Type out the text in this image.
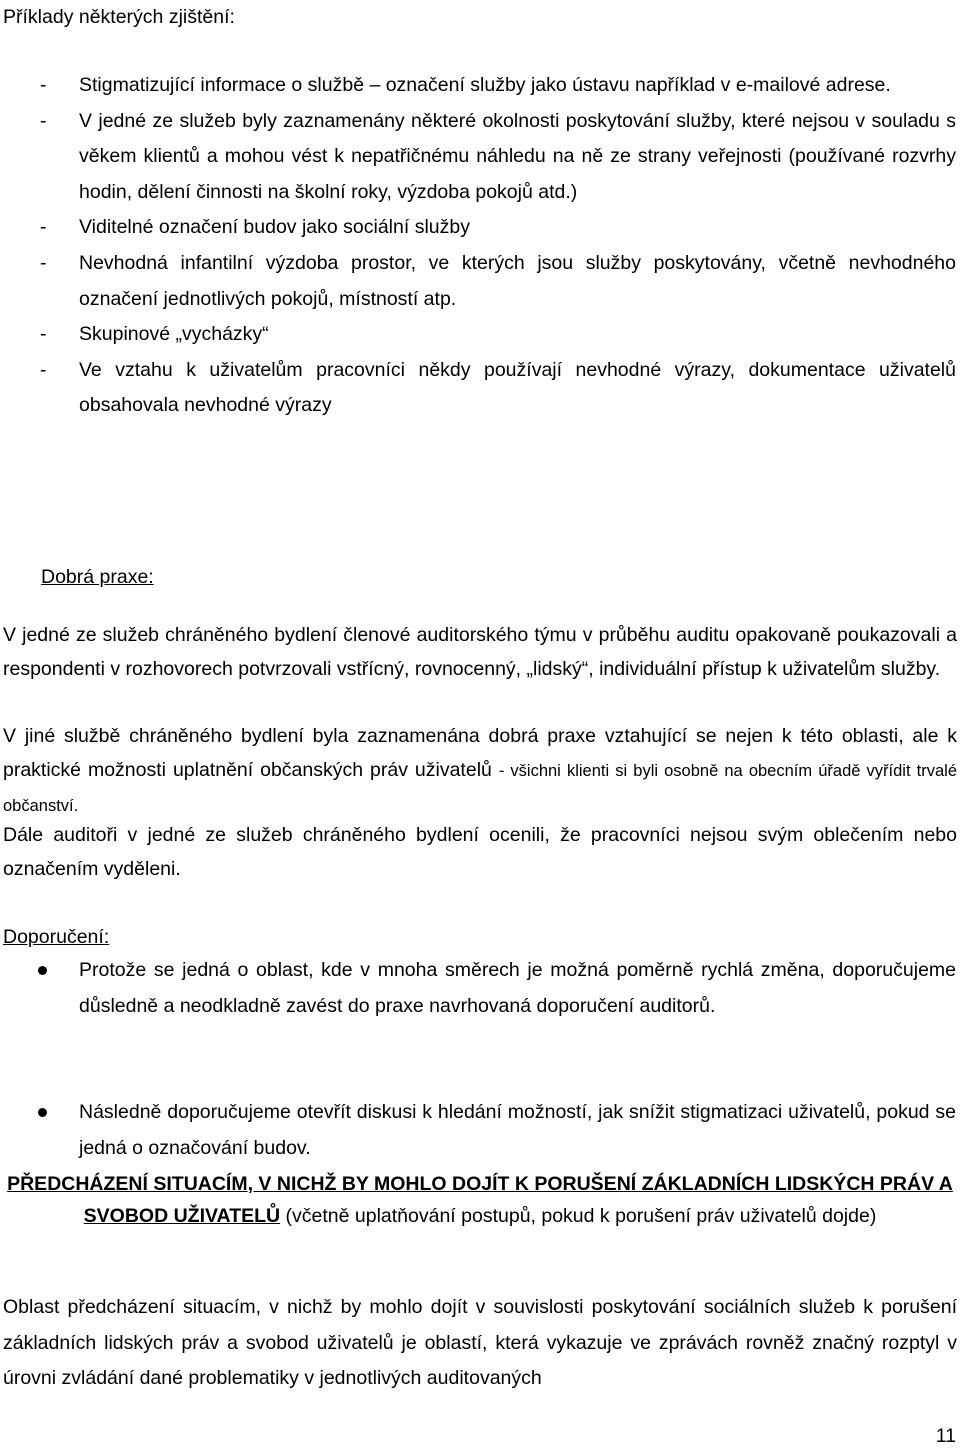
Příklady některých zjištění:

- Stigmatizující informace o službě – označení služby jako ústavu například v e-mailové adrese.
- V jedné ze služeb byly zaznamenány některé okolnosti poskytování služby, které nejsou v souladu s věkem klientů a mohou vést k nepatřičnému náhledu na ně ze strany veřejnosti (používané rozvrhy hodin, dělení činnosti na školní roky, výzdoba pokojů atd.)
- Viditelné označení budov jako sociální služby
- Nevhodná infantilní výzdoba prostor, ve kterých jsou služby poskytovány, včetně nevhodného označení jednotlivých pokojů, místností atp.
- Skupinové „vycházky“
- Ve vztahu k uživatelům pracovníci někdy používají nevhodné výrazy, dokumentace uživatelů obsahovala nevhodné výrazy

Dobrá praxe:

V jedné ze služeb chráněného bydlení členové auditorského týmu v průběhu auditu opakovaně poukazovali a respondenti v rozhovorech potvrzovali vstřícný, rovnocenný, „lidský“, individuální přístup k uživatelům služby.

V jiné službě chráněného bydlení byla zaznamenána dobrá praxe vztahující se nejen k této oblasti, ale k praktické možnosti uplatnění občanských práv uživatelů - všichni klienti si byli osobně na obecním úřadě vyřídit trvalé občanství.

Dále auditoři v jedné ze služeb chráněného bydlení ocenili, že pracovníci nejsou svým oblečením nebo označením vyděleni.

Doporučení:

Protože se jedná o oblast, kde v mnoha směrech je možná poměrně rychlá změna, doporučujeme důsledně a neodkladně zavést do praxe navrhovaná doporučení auditorů.
Následně doporučujeme otevřít diskusi k hledání možností, jak snížit stigmatizaci uživatelů, pokud se jedná o označování budov.

PŘEDCHÁZENÍ SITUACÍM, V NICHŽ BY MOHLO DOJÍT K PORUŠENÍ ZÁKLADNÍCH LIDSKÝCH PRÁV A SVOBOD UŽIVATELŮ (včetně uplatňování postupů, pokud k porušení práv uživatelů dojde)

Oblast předcházení situacím, v nichž by mohlo dojít v souvislosti poskytování sociálních služeb k porušení základních lidských práv a svobod uživatelů je oblastí, která vykazuje ve zprávách rovněž značný rozptyl v úrovni zvládání dané problematiky v jednotlivých auditovaných

11
